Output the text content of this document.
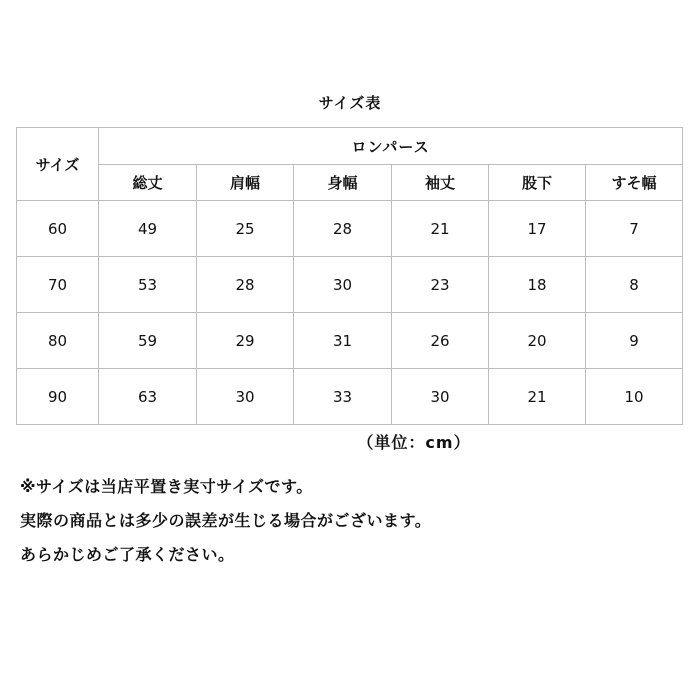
サイズ表
サイズ	ロンパース					
	総丈	肩幅	身幅	袖丈	股下	すそ幅
60	49	25	28	21	17	7
70	53	28	30	23	18	8
80	59	29	31	26	20	9
90	63	30	33	30	21	10
（単位：cm）
※サイズは当店平置き実寸サイズです。
実際の商品とは多少の誤差が生じる場合がございます。
あらかじめご了承ください。
